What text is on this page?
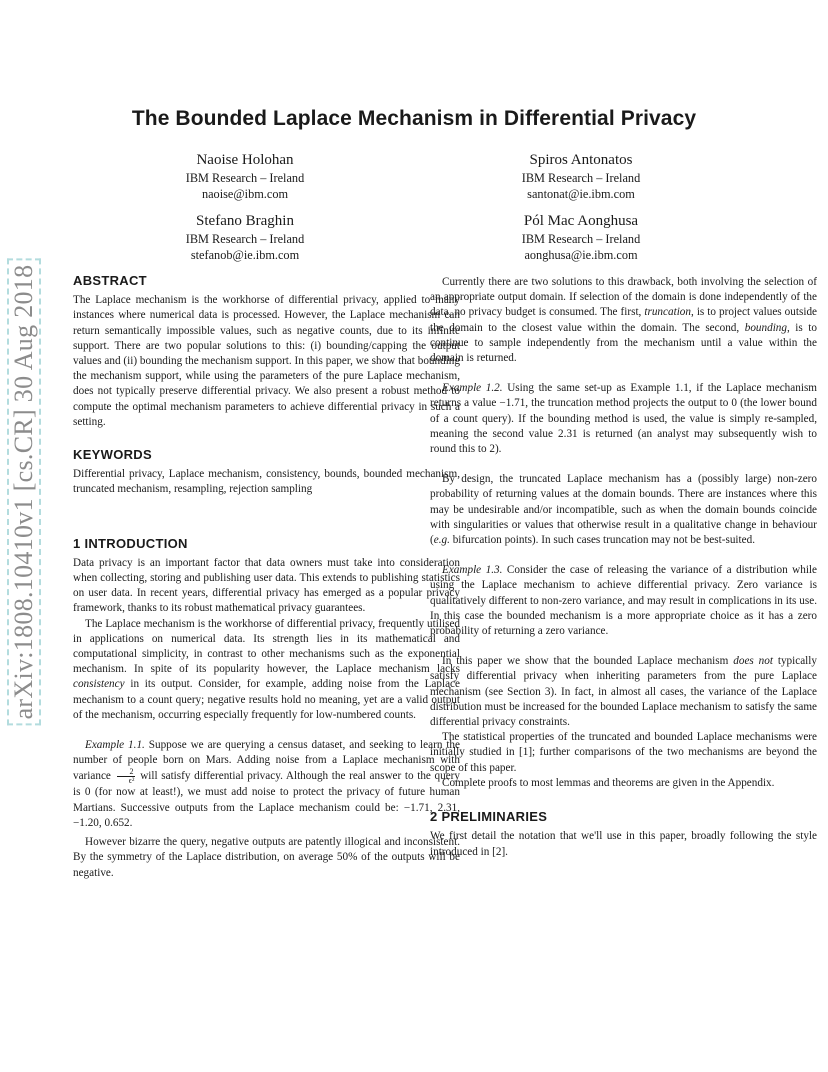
arXiv:1808.10410v1 [cs.CR] 30 Aug 2018
The Bounded Laplace Mechanism in Differential Privacy
Naoise Holohan
IBM Research – Ireland
naoise@ibm.com
Spiros Antonatos
IBM Research – Ireland
santonat@ie.ibm.com
Stefano Braghin
IBM Research – Ireland
stefanob@ie.ibm.com
Pól Mac Aonghusa
IBM Research – Ireland
aonghusa@ie.ibm.com

ABSTRACT

The Laplace mechanism is the workhorse of differential privacy, applied to many instances where numerical data is processed. However, the Laplace mechanism can return semantically impossible values, such as negative counts, due to its infinite support. There are two popular solutions to this: (i) bounding/capping the output values and (ii) bounding the mechanism support. In this paper, we show that bounding the mechanism support, while using the parameters of the pure Laplace mechanism, does not typically preserve differential privacy. We also present a robust method to compute the optimal mechanism parameters to achieve differential privacy in such a setting.

KEYWORDS

Differential privacy, Laplace mechanism, consistency, bounds, bounded mechanism, truncated mechanism, resampling, rejection sampling

1 INTRODUCTION

Data privacy is an important factor that data owners must take into consideration when collecting, storing and publishing user data. This extends to publishing statistics on user data. In recent years, differential privacy has emerged as a popular privacy framework, thanks to its robust mathematical privacy guarantees.

The Laplace mechanism is the workhorse of differential privacy, frequently utilised in applications on numerical data. Its strength lies in its mathematical and computational simplicity, in contrast to other mechanisms such as the exponential mechanism. In spite of its popularity however, the Laplace mechanism lacks consistency in its output. Consider, for example, adding noise from the Laplace mechanism to a count query; negative results hold no meaning, yet are a valid output of the mechanism, occurring especially frequently for low-numbered counts.

Example 1.1. Suppose we are querying a census dataset, and seeking to learn the number of people born on Mars. Adding noise from a Laplace mechanism with variance $\frac{2}{\text{ϵ²}}$ will satisfy differential privacy. Although the real answer to the query is 0 (for now at least!), we must add noise to protect the privacy of future human Martians. Successive outputs from the Laplace mechanism could be: −1.71, 2.31, −1.20, 0.652.

However bizarre the query, negative outputs are patently illogical and inconsistent. By the symmetry of the Laplace distribution, on average 50% of the outputs will be negative.

Currently there are two solutions to this drawback, both involving the selection of an appropriate output domain. If selection of the domain is done independently of the data, no privacy budget is consumed. The first, truncation, is to project values outside the domain to the closest value within the domain. The second, bounding, is to continue to sample independently from the mechanism until a value within the domain is returned.

Example 1.2. Using the same set-up as Example 1.1, if the Laplace mechanism returns a value −1.71, the truncation method projects the output to 0 (the lower bound of a count query). If the bounding method is used, the value is simply re-sampled, meaning the second value 2.31 is returned (an analyst may subsequently wish to round this to 2).

By design, the truncated Laplace mechanism has a (possibly large) non-zero probability of returning values at the domain bounds. There are instances where this may be undesirable and/or incompatible, such as when the domain bounds coincide with singularities or values that otherwise result in a qualitative change in behaviour (e.g. bifurcation points). In such cases truncation may not be best-suited.

Example 1.3. Consider the case of releasing the variance of a distribution while using the Laplace mechanism to achieve differential privacy. Zero variance is qualitatively different to non-zero variance, and may result in complications in its use. In this case the bounded mechanism is a more appropriate choice as it has a zero probability of returning a zero variance.

In this paper we show that the bounded Laplace mechanism does not typically satisfy differential privacy when inheriting parameters from the pure Laplace mechanism (see Section 3). In fact, in almost all cases, the variance of the Laplace distribution must be increased for the bounded Laplace mechanism to satisfy the same differential privacy constraints.

The statistical properties of the truncated and bounded Laplace mechanisms were initially studied in [1]; further comparisons of the two mechanisms are beyond the scope of this paper.

Complete proofs to most lemmas and theorems are given in the Appendix.

2 PRELIMINARIES

We first detail the notation that we'll use in this paper, broadly following the style introduced in [2].
